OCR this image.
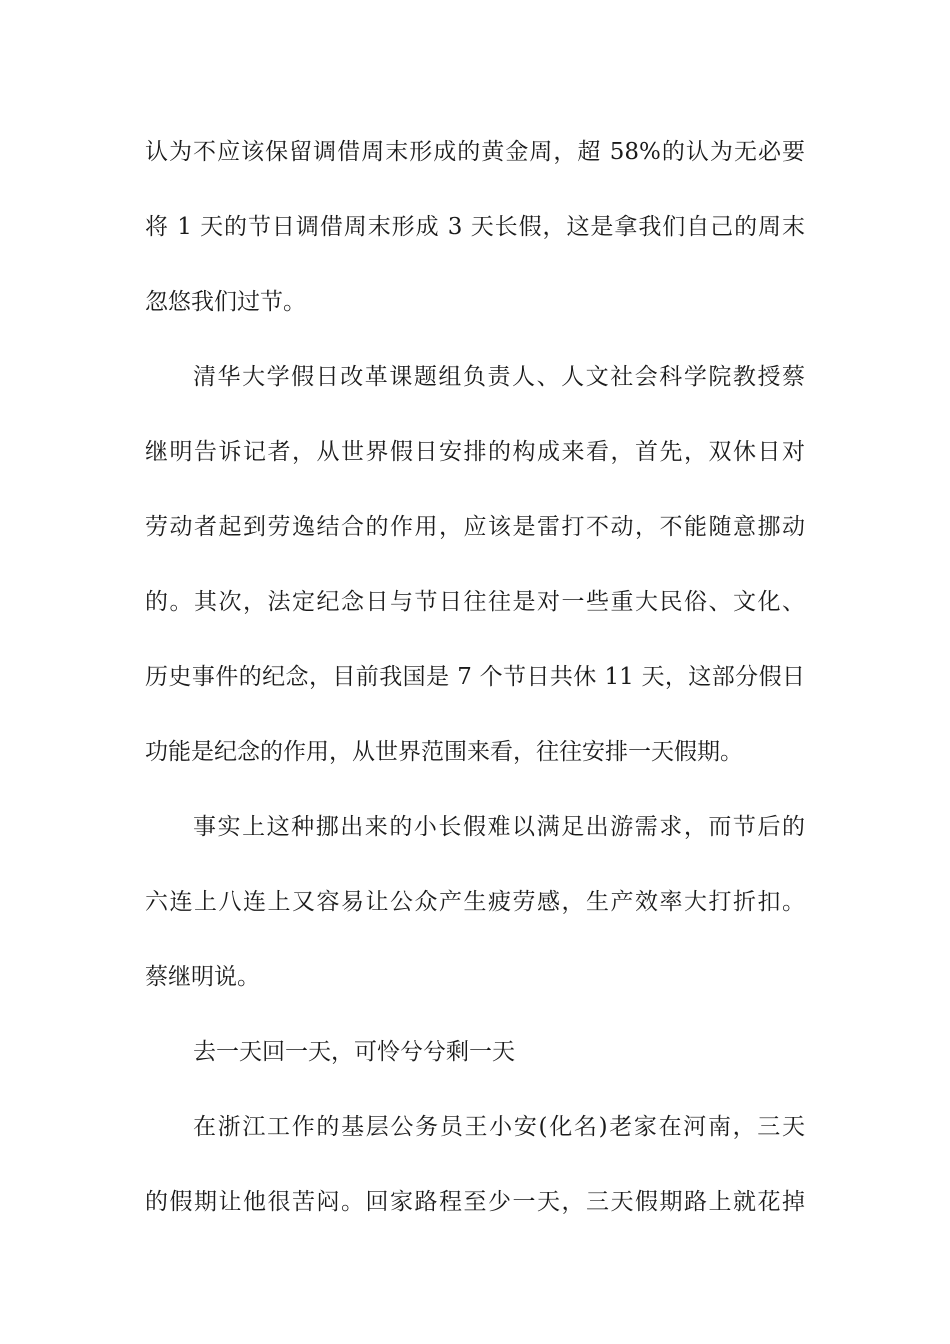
认为不应该保留调借周末形成的黄金周，超 58%的认为无必要
将 1 天的节日调借周末形成 3 天长假，这是拿我们自己的周末
忽悠我们过节。
清华大学假日改革课题组负责人、人文社会科学院教授蔡
继明告诉记者，从世界假日安排的构成来看，首先，双休日对
劳动者起到劳逸结合的作用，应该是雷打不动，不能随意挪动
的。其次，法定纪念日与节日往往是对一些重大民俗、文化、
历史事件的纪念，目前我国是 7 个节日共休 11 天，这部分假日
功能是纪念的作用，从世界范围来看，往往安排一天假期。
事实上这种挪出来的小长假难以满足出游需求，而节后的
六连上八连上又容易让公众产生疲劳感，生产效率大打折扣。
蔡继明说。
去一天回一天，可怜兮兮剩一天
在浙江工作的基层公务员王小安(化名)老家在河南，三天
的假期让他很苦闷。回家路程至少一天，三天假期路上就花掉
